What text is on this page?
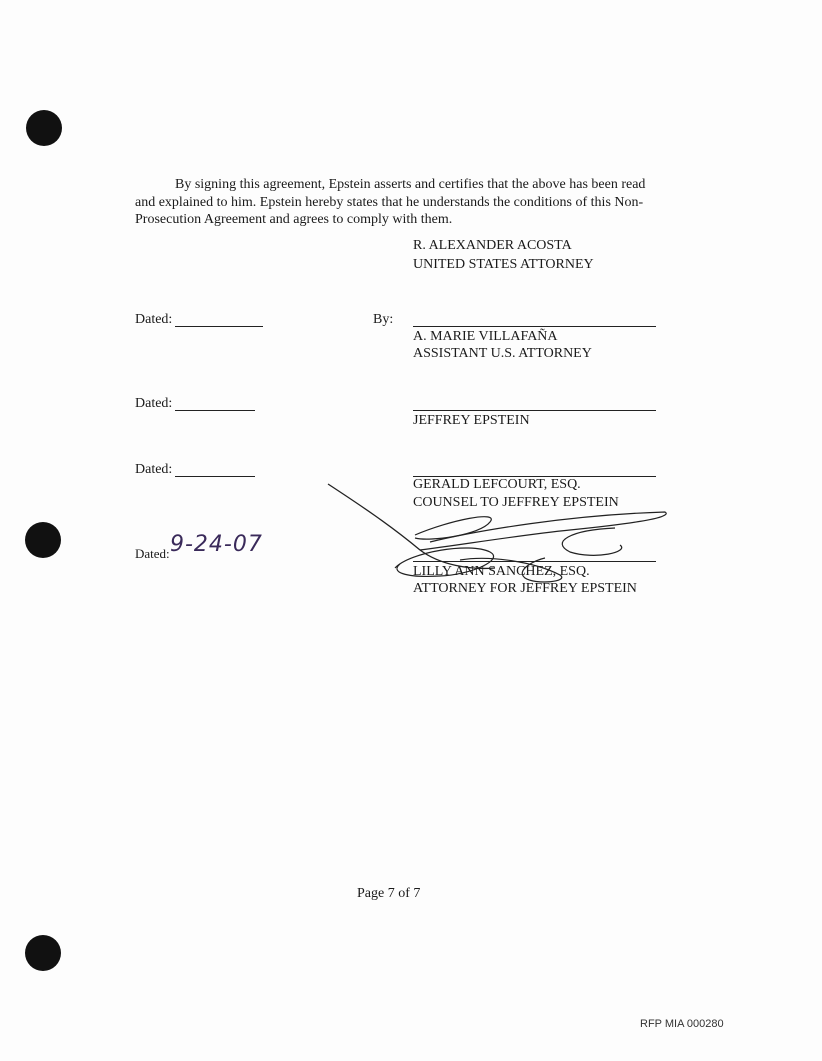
By signing this agreement, Epstein asserts and certifies that the above has been read
and explained to him. Epstein hereby states that he understands the conditions of this Non-
Prosecution Agreement and agrees to comply with them.
R. ALEXANDER ACOSTA
UNITED STATES ATTORNEY
Dated:	By:
A. MARIE VILLAFAÑA
ASSISTANT U.S. ATTORNEY
Dated:
JEFFREY EPSTEIN
Dated:
GERALD LEFCOURT, ESQ.
COUNSEL TO JEFFREY EPSTEIN
Dated: 9-24-07
LILLY ANN SANCHEZ, ESQ.
ATTORNEY FOR JEFFREY EPSTEIN
Page 7 of 7
RFP MIA 000280
